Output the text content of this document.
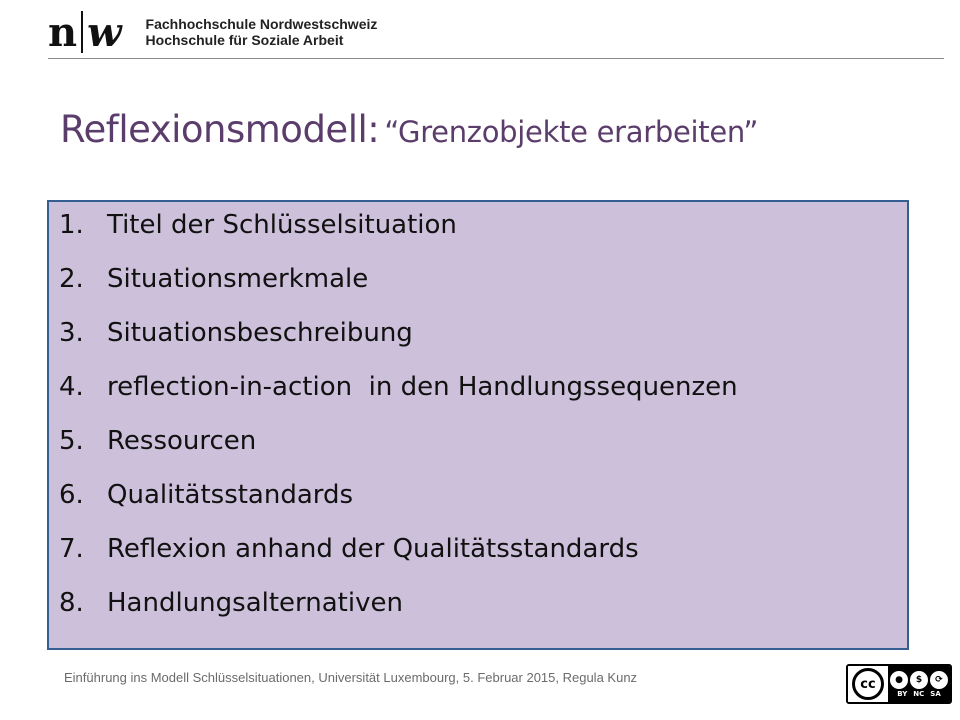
n w Fachhochschule Nordwestschweiz
Hochschule für Soziale Arbeit
Reflexionsmodell: “Grenzobjekte erarbeiten”
1. Titel der Schlüsselsituation
2. Situationsmerkmale
3. Situationsbeschreibung
4. reflection-in-action  in den Handlungssequenzen
5. Ressourcen
6. Qualitätsstandards
7. Reflexion anhand der Qualitätsstandards
8. Handlungsalternativen
Einführung ins Modell Schlüsselsituationen, Universität Luxembourg, 5. Februar 2015, Regula Kunz	cc	●	$	⟳
BY NC SA
